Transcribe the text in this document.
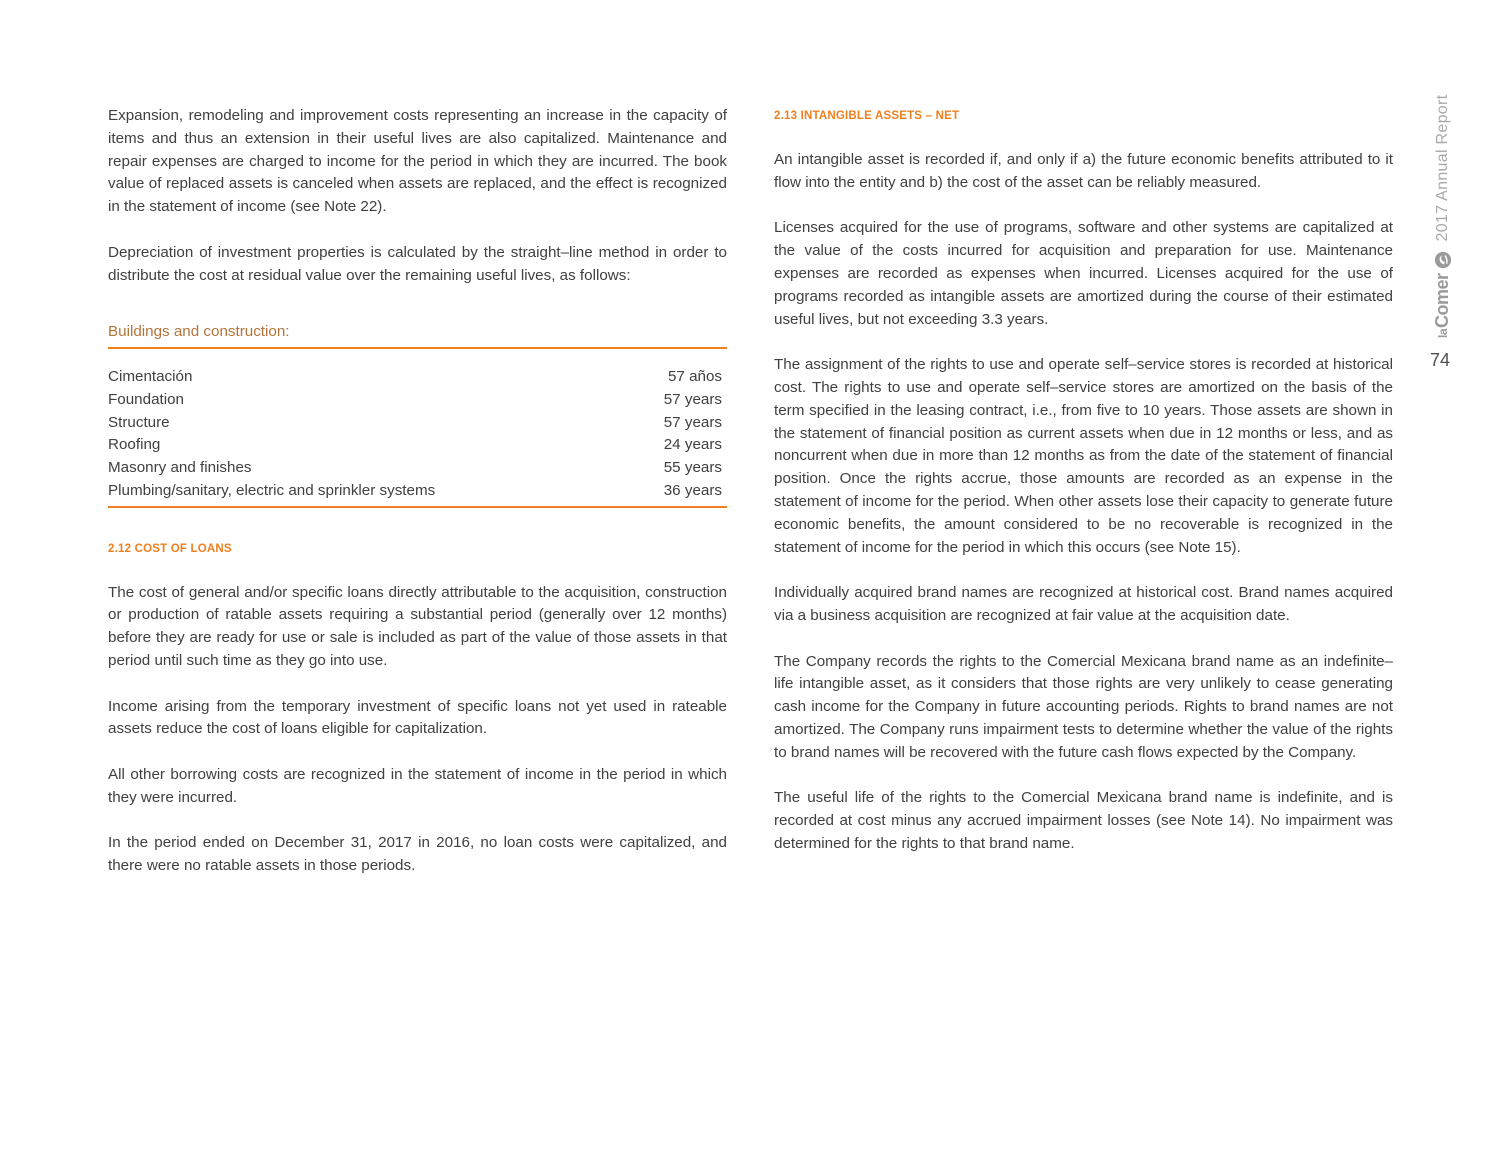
Expansion, remodeling and improvement costs representing an increase in the capacity of items and thus an extension in their useful lives are also capitalized. Maintenance and repair expenses are charged to income for the period in which they are incurred. The book value of replaced assets is canceled when assets are replaced, and the effect is recognized in the statement of income (see Note 22).

Depreciation of investment properties is calculated by the straight–line method in order to distribute the cost at residual value over the remaining useful lives, as follows:

Buildings and construction:
Cimentación	57 años
Foundation	57 years
Structure	57 years
Roofing	24 years
Masonry and finishes	55 years
Plumbing/sanitary, electric and sprinkler systems	36 years
2.12 COST OF LOANS

The cost of general and/or specific loans directly attributable to the acquisition, construction or production of ratable assets requiring a substantial period (generally over 12 months) before they are ready for use or sale is included as part of the value of those assets in that period until such time as they go into use.

Income arising from the temporary investment of specific loans not yet used in rateable assets reduce the cost of loans eligible for capitalization.

All other borrowing costs are recognized in the statement of income in the period in which they were incurred.

In the period ended on December 31, 2017 in 2016, no loan costs were capitalized, and there were no ratable assets in those periods.

2.13 INTANGIBLE ASSETS – NET

An intangible asset is recorded if, and only if a) the future economic benefits attributed to it flow into the entity and b) the cost of the asset can be reliably measured.

Licenses acquired for the use of programs, software and other systems are capitalized at the value of the costs incurred for acquisition and preparation for use. Maintenance expenses are recorded as expenses when incurred. Licenses acquired for the use of programs recorded as intangible assets are amortized during the course of their estimated useful lives, but not exceeding 3.3 years.

The assignment of the rights to use and operate self–service stores is recorded at historical cost. The rights to use and operate self–service stores are amortized on the basis of the term specified in the leasing contract, i.e., from five to 10 years. Those assets are shown in the statement of financial position as current assets when due in 12 months or less, and as noncurrent when due in more than 12 months as from the date of the statement of financial position. Once the rights accrue, those amounts are recorded as an expense in the statement of income for the period. When other assets lose their capacity to generate future economic benefits, the amount considered to be no recoverable is recognized in the statement of income for the period in which this occurs (see Note 15).

Individually acquired brand names are recognized at historical cost. Brand names acquired via a business acquisition are recognized at fair value at the acquisition date.

The Company records the rights to the Comercial Mexicana brand name as an indefinite–life intangible asset, as it considers that those rights are very unlikely to cease generating cash income for the Company in future accounting periods. Rights to brand names are not amortized. The Company runs impairment tests to determine whether the value of the rights to brand names will be recovered with the future cash flows expected by the Company.

The useful life of the rights to the Comercial Mexicana brand name is indefinite, and is recorded at cost minus any accrued impairment losses (see Note 14). No impairment was determined for the rights to that brand name.

la
Comer
2017 Annual Report
74
